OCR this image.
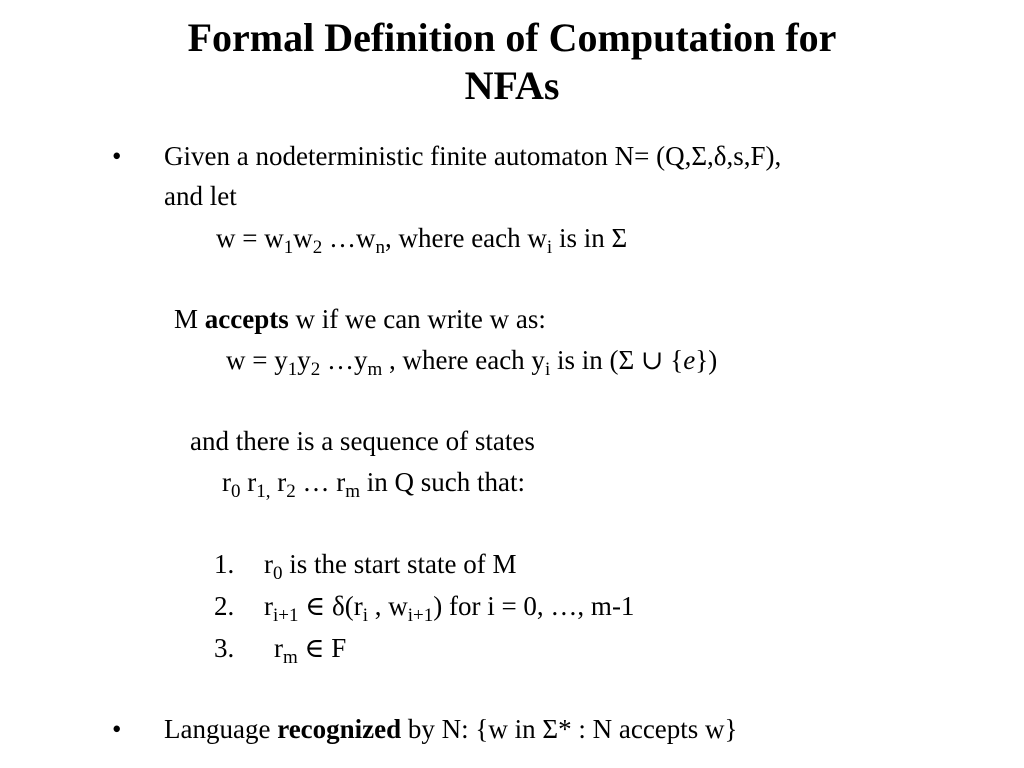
Formal Definition of Computation for
NFAs
• Given a nodeterministic finite automaton N= (Q,Σ,δ,s,F),
and let
$w = w_1w_2$ $\dots w_n$, where each $w_i$ is in Σ
M accepts w if we can write w as:
$w = y_1y_2$ $\dots y_m$ , where each $y_i$ is in (Σ ∪ {e})
and there is a sequence of states
$r_0$ $r_{1,}$ $r_2$ … $r_m$ in Q such that:
1. $r_0$ is the start state of M
2. $r_{i+1}$ ∈ $\delta(r_i$ , $w_{i+1}$) for i = 0, …, m-1
3. $r_m$ ∈ F
• Language recognized by N: {w in Σ* : N accepts w}
